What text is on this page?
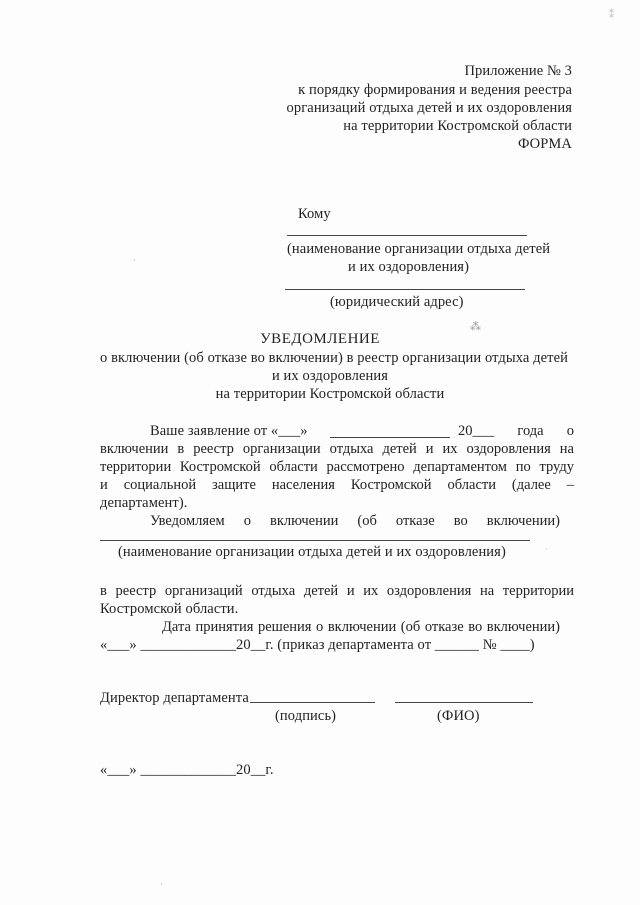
Приложение № 3
к порядку формирования и ведения реестра
организаций отдыха детей и их оздоровления
на территории Костромской области
ФОРМА
Кому
(наименование организации отдыха детей
и их оздоровления)
(юридический адрес)
УВЕДОМЛЕНИЕ
о включении (об отказе во включении) в реестр организации отдыха детей
и их оздоровления
на территории Костромской области
Ваше заявление от «___»	20___ года о
включении в реестр организации отдыха детей и их оздоровления на
территории Костромской области рассмотрено департаментом по труду
и социальной защите населения Костромской области (далее –
департамент).
Уведомляем о включении (об отказе во включении)
(наименование организации отдыха детей и их оздоровления)
в реестр организаций отдыха детей и их оздоровления на территории
Костромской области.
Дата принятия решения о включении (об отказе во включении)
«___» _____________20__г. (приказ департамента от ______ № ____)
Директор департамента
(подпись)	(ФИО)
«___» _____________20__г.
ˋ
⁂
⁑
·
·
